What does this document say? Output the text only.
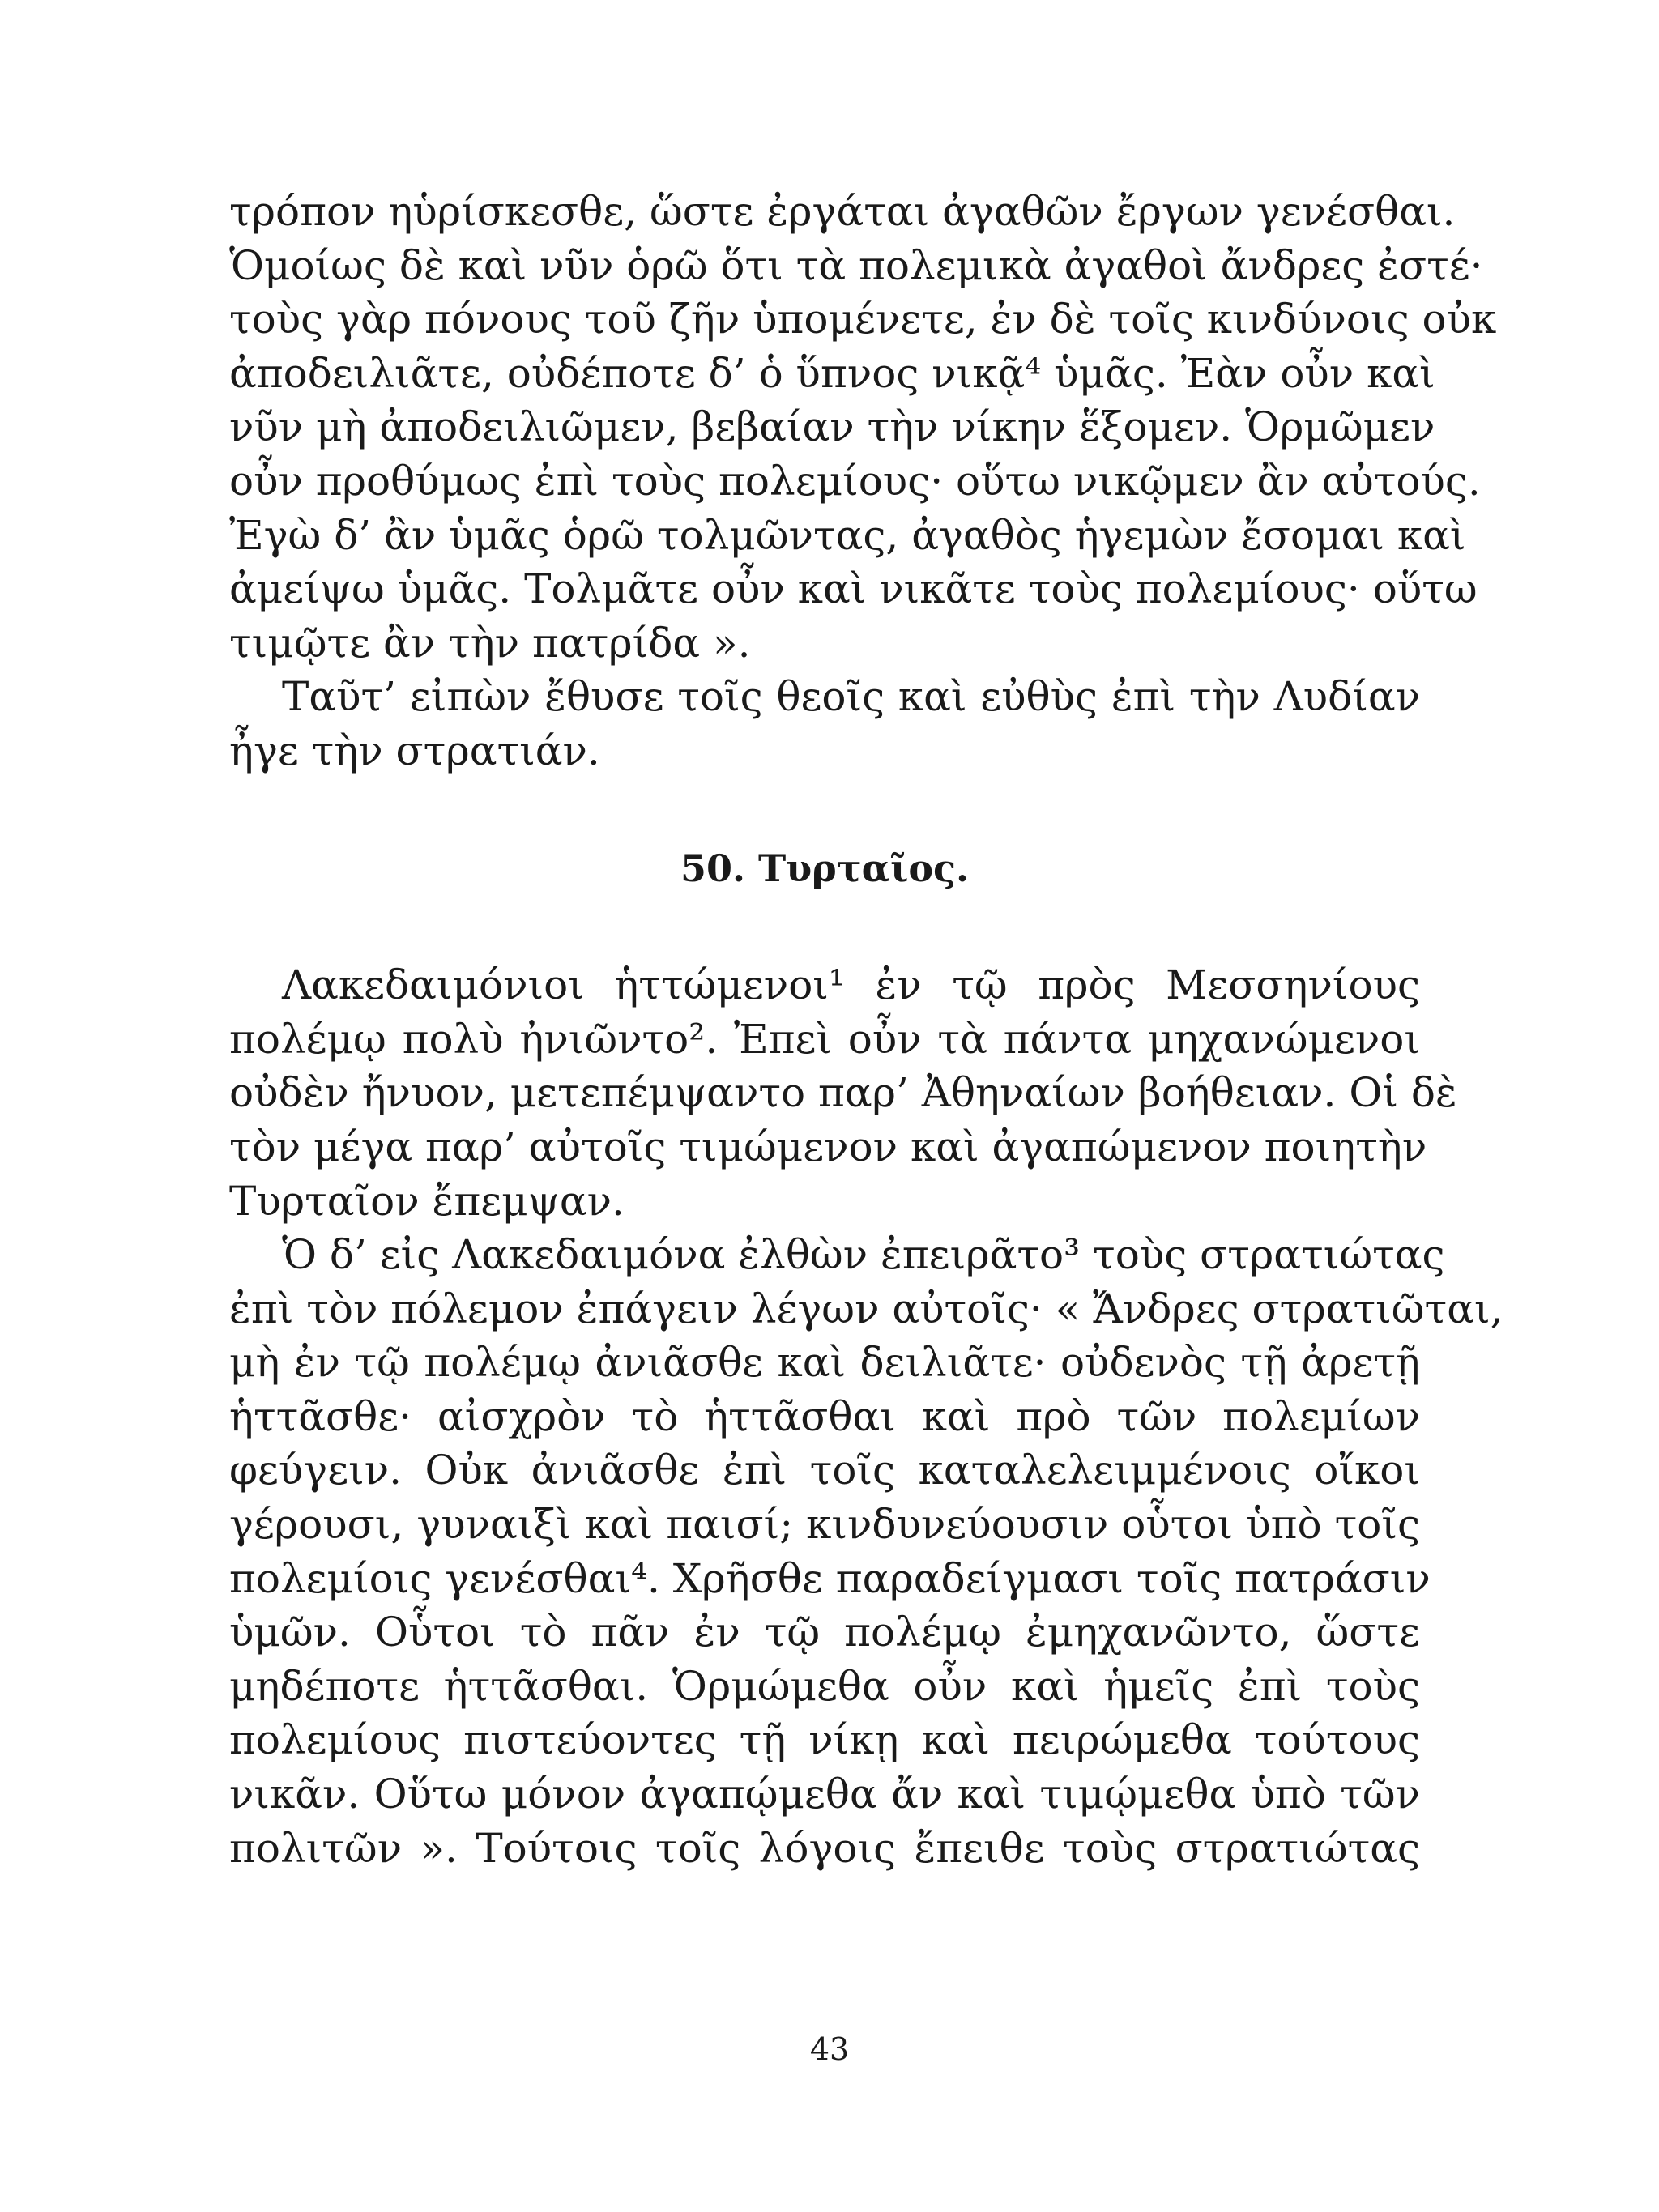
τρόπον ηὑρίσκεσθε, ὥστε ἐργάται ἀγαθῶν ἔργων γενέσθαι.
Ὁμοίως δὲ καὶ νῦν ὁρῶ ὅτι τὰ πολεμικὰ ἀγαθοὶ ἄνδρες ἐστέ·
τοὺς γὰρ πόνους τοῦ ζῆν ὑπομένετε, ἐν δὲ τοῖς κινδύνοις οὐκ
ἀποδειλιᾶτε, οὐδέποτε δ’ ὁ ὕπνος νικᾷ⁴ ὑμᾶς. Ἐὰν οὖν καὶ
νῦν μὴ ἀποδειλιῶμεν, βεβαίαν τὴν νίκην ἕξομεν. Ὁρμῶμεν
οὖν προθύμως ἐπὶ τοὺς πολεμίους· οὕτω νικῷμεν ἂν αὐτούς.
Ἐγὼ δ’ ἂν ὑμᾶς ὁρῶ τολμῶντας, ἀγαθὸς ἡγεμὼν ἔσομαι καὶ
ἀμείψω ὑμᾶς. Τολμᾶτε οὖν καὶ νικᾶτε τοὺς πολεμίους· οὕτω
τιμῷτε ἂν τὴν πατρίδα ».
Ταῦτ’ εἰπὼν ἔθυσε τοῖς θεοῖς καὶ εὐθὺς ἐπὶ τὴν Λυδίαν
ἦγε τὴν στρατιάν.
50. Τυρταῖος.
Λακεδαιμόνιοι ἡττώμενοι¹ ἐν τῷ πρὸς Μεσσηνίους
πολέμῳ πολὺ ἠνιῶντο². Ἐπεὶ οὖν τὰ πάντα μηχανώμενοι
οὐδὲν ἤνυον, μετεπέμψαντο παρ’ Ἀθηναίων βοήθειαν. Οἱ δὲ
τὸν μέγα παρ’ αὐτοῖς τιμώμενον καὶ ἀγαπώμενον ποιητὴν
Τυρταῖον ἔπεμψαν.
Ὁ δ’ εἰς Λακεδαιμόνα ἐλθὼν ἐπειρᾶτο³ τοὺς στρατιώτας
ἐπὶ τὸν πόλεμον ἐπάγειν λέγων αὐτοῖς· « Ἄνδρες στρατιῶται,
μὴ ἐν τῷ πολέμῳ ἀνιᾶσθε καὶ δειλιᾶτε· οὐδενὸς τῇ ἀρετῇ
ἡττᾶσθε· αἰσχρὸν τὸ ἡττᾶσθαι καὶ πρὸ τῶν πολεμίων
φεύγειν. Οὐκ ἀνιᾶσθε ἐπὶ τοῖς καταλελειμμένοις οἴκοι
γέρουσι, γυναιξὶ καὶ παισί; κινδυνεύουσιν οὗτοι ὑπὸ τοῖς
πολεμίοις γενέσθαι⁴. Χρῆσθε παραδείγμασι τοῖς πατράσιν
ὑμῶν. Οὗτοι τὸ πᾶν ἐν τῷ πολέμῳ ἐμηχανῶντο, ὥστε
μηδέποτε ἡττᾶσθαι. Ὁρμώμεθα οὖν καὶ ἡμεῖς ἐπὶ τοὺς
πολεμίους πιστεύοντες τῇ νίκῃ καὶ πειρώμεθα τούτους
νικᾶν. Οὕτω μόνον ἀγαπῴμεθα ἄν καὶ τιμῴμεθα ὑπὸ τῶν
πολιτῶν ». Τούτοις τοῖς λόγοις ἔπειθε τοὺς στρατιώτας
43
